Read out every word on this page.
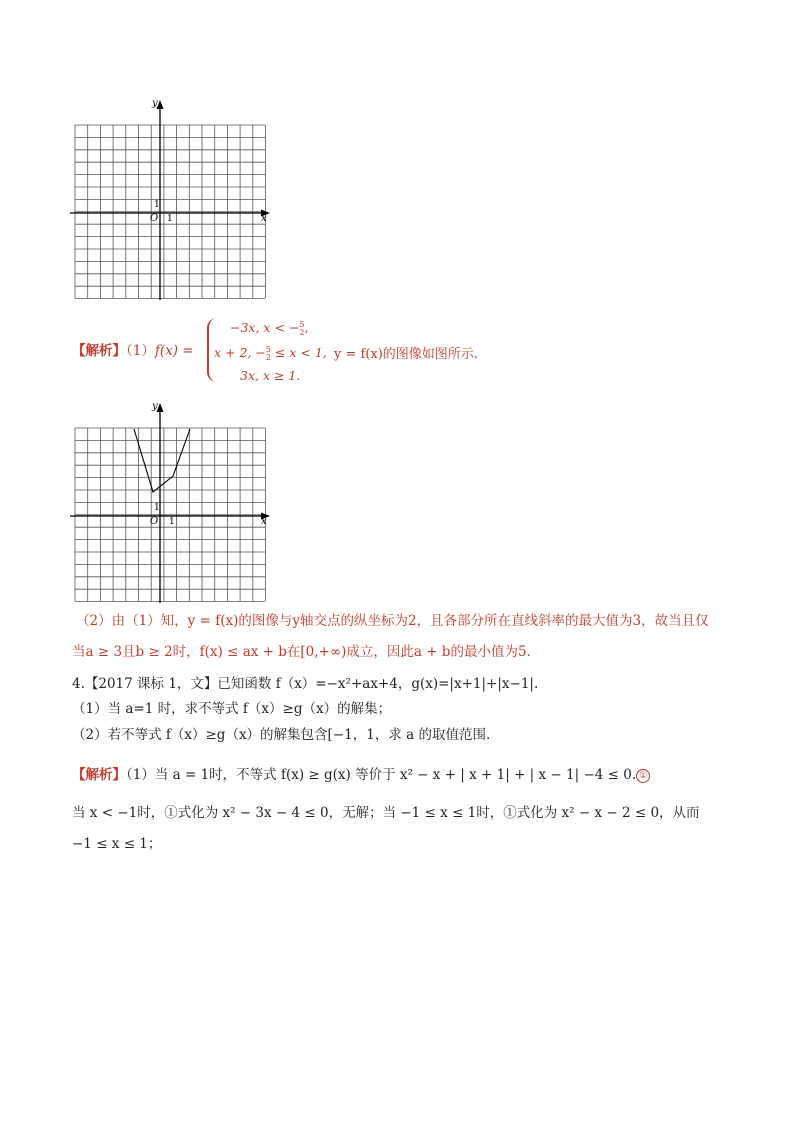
y
x
O 1
1
【解析】（1）f(x) =
−3x, x < −5
2,
x + 2, −5
2 ≤ x < 1,
3x, x ≥ 1.
y = f(x)的图像如图所示.
y
x
O 1
1
（2）由（1）知，y = f(x)的图像与y轴交点的纵坐标为2，且各部分所在直线斜率的最大值为3，故当且仅
当a ≥ 3且b ≥ 2时，f(x) ≤ ax + b在[0,+∞)成立，因此a + b的最小值为5.
4.【2017 课标 1，文】已知函数 f（x）=−x²+ax+4，g(x)=|x+1|+|x−1|.
（1）当 a=1 时，求不等式 f（x）≥g（x）的解集；
（2）若不等式 f（x）≥g（x）的解集包含[−1，1，求 a 的取值范围.
【解析】（1）当 a = 1时，不等式 f(x) ≥ g(x) 等价于 x² − x + | x + 1| + | x − 1| −4 ≤ 0. ①
当 x < −1时，①式化为 x² − 3x − 4 ≤ 0，无解；当 −1 ≤ x ≤ 1时，①式化为 x² − x − 2 ≤ 0，从而
−1 ≤ x ≤ 1；
